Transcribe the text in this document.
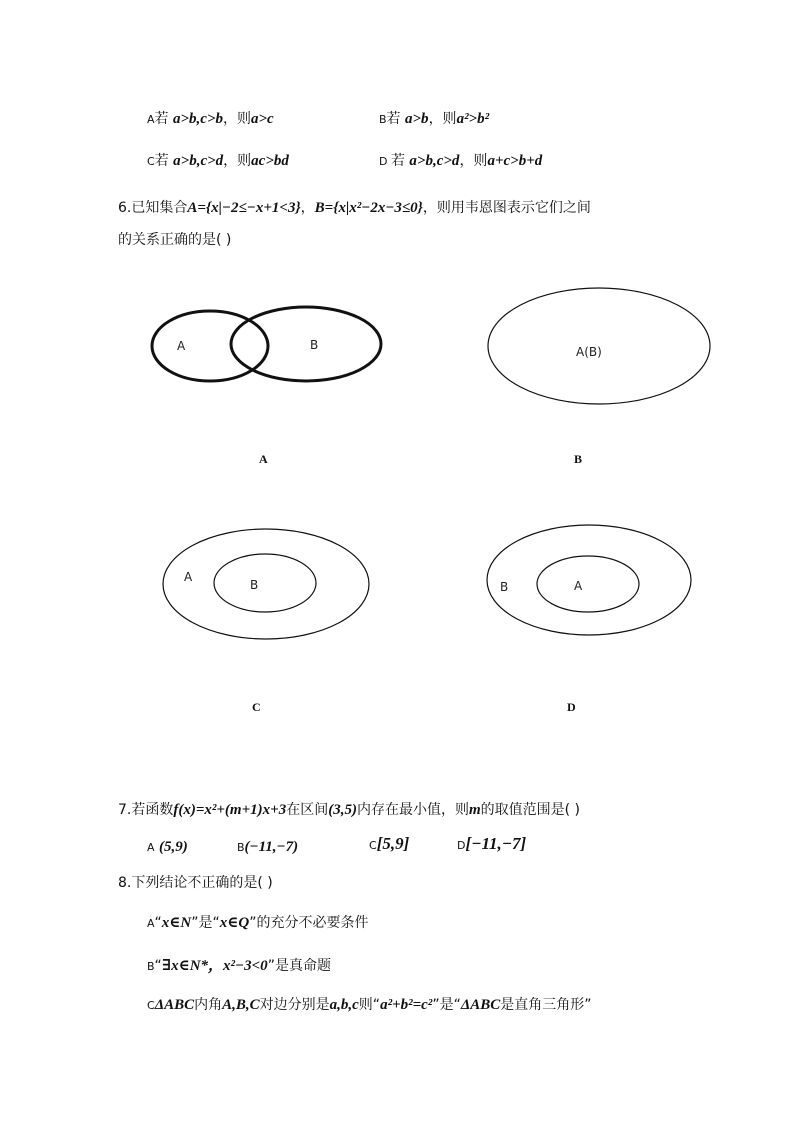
A若 a>b,c>b，则a>c	B若 a>b，则a²>b²
C若 a>b,c>d，则ac>bd	D 若 a>b,c>d，则a+c>b+d
6.已知集合A={x|−2≤−x+1<3}，B={x|x²−2x−3≤0}，则用韦恩图表示它们之间
的关系正确的是( )
A	B
A
A(B)
B
A
B
C
B	A
D
7.若函数f(x)=x²+(m+1)x+3在区间(3,5)内存在最小值，则m的取值范围是( )
A (5,9)	B(−11,−7)	C[5,9]	D[−11,−7]
8.下列结论不正确的是( )
A“x∈N”是“x∈Q”的充分不必要条件
B“∃x∈N*，x²−3<0”是真命题
CΔABC内角A,B,C对边分别是a,b,c则“a²+b²=c²”是“ΔABC是直角三角形”
